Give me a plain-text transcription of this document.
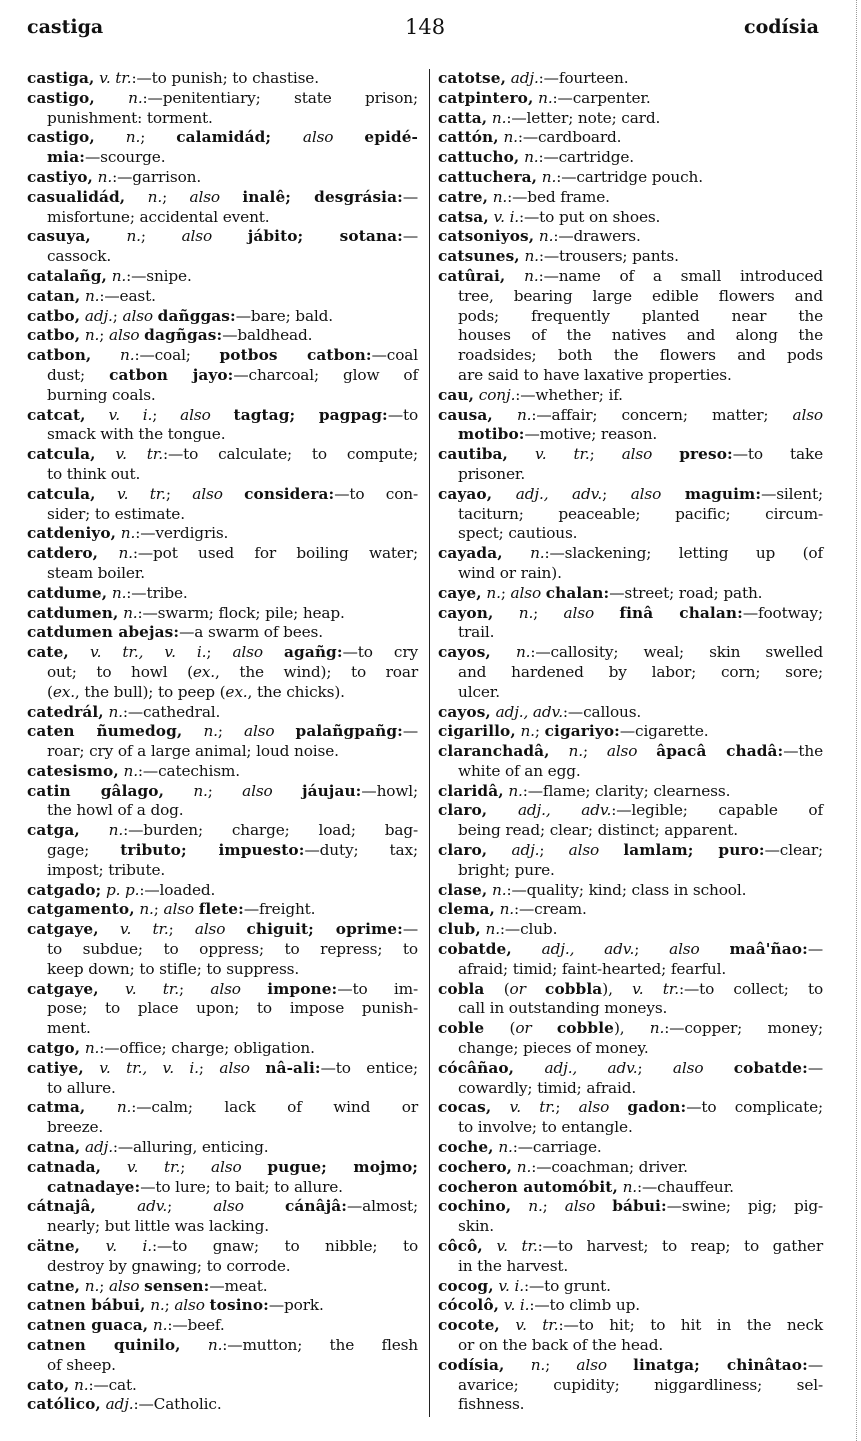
castiga	148	codísia
castiga, v. tr.:—to punish; to chastise.
castigo, n.:—penitentiary; state prison;
punishment: torment.
castigo, n.; calamidád; also epidé-
mia:—scourge.
castiyo, n.:—garrison.
casualidád, n.; also inalê; desgrásia:—
misfortune; accidental event.
casuya, n.; also jábito; sotana:—
cassock.
catalañg, n.:—snipe.
catan, n.:—east.
catbo, adj.; also dañggas:—bare; bald.
catbo, n.; also dagñgas:—baldhead.
catbon, n.:—coal; potbos catbon:—coal
dust; catbon jayo:—charcoal; glow of
burning coals.
catcat, v. i.; also tagtag; pagpag:—to
smack with the tongue.
catcula, v. tr.:—to calculate; to compute;
to think out.
catcula, v. tr.; also considera:—to con-
sider; to estimate.
catdeniyo, n.:—verdigris.
catdero, n.:—pot used for boiling water;
steam boiler.
catdume, n.:—tribe.
catdumen, n.:—swarm; flock; pile; heap.
catdumen abejas:—a swarm of bees.
cate, v. tr., v. i.; also agañg:—to cry
out; to howl (ex., the wind); to roar
(ex., the bull); to peep (ex., the chicks).
catedrál, n.:—cathedral.
caten ñumedog, n.; also palañgpañg:—
roar; cry of a large animal; loud noise.
catesismo, n.:—catechism.
catin gâlago, n.; also jáujau:—howl;
the howl of a dog.
catga, n.:—burden; charge; load; bag-
gage; tributo; impuesto:—duty; tax;
impost; tribute.
catgado; p. p.:—loaded.
catgamento, n.; also flete:—freight.
catgaye, v. tr.; also chiguit; oprime:—
to subdue; to oppress; to repress; to
keep down; to stifle; to suppress.
catgaye, v. tr.; also impone:—to im-
pose; to place upon; to impose punish-
ment.
catgo, n.:—office; charge; obligation.
catiye, v. tr., v. i.; also nâ-ali:—to entice;
to allure.
catma, n.:—calm; lack of wind or
breeze.
catna, adj.:—alluring, enticing.
catnada, v. tr.; also pugue; mojmo;
catnadaye:—to lure; to bait; to allure.
cátnajâ,	adv.; also cánâjâ:—almost;
nearly; but little was lacking.
cätne, v. i.:—to gnaw; to nibble; to
destroy by gnawing; to corrode.
catne, n.; also sensen:—meat.
catnen bábui, n.; also tosino:—pork.
catnen guaca, n.:—beef.
catnen quinilo, n.:—mutton; the flesh
of sheep.
cato, n.:—cat.
católico, adj.:—Catholic.
catotse, adj.:—fourteen.
catpintero, n.:—carpenter.
catta, n.:—letter; note; card.
cattón, n.:—cardboard.
cattucho, n.:—cartridge.
cattuchera, n.:—cartridge pouch.
catre, n.:—bed frame.
catsa, v. i.:—to put on shoes.
catsoniyos, n.:—drawers.
catsunes, n.:—trousers; pants.
catûrai, n.:—name of a small introduced
tree, bearing large edible flowers and
pods; frequently planted near the
houses of the natives and along the
roadsides; both the flowers and pods
are said to have laxative properties.
cau, conj.:—whether; if.
causa, n.:—affair; concern; matter; also
motibo:—motive; reason.
cautiba, v. tr.; also preso:—to take
prisoner.
cayao, adj., adv.; also maguim:—silent;
taciturn; peaceable; pacific; circum-
spect; cautious.
cayada, n.:—slackening; letting up (of
wind or rain).
caye, n.; also chalan:—street; road; path.
cayon, n.; also finâ chalan:—footway;
trail.
cayos, n.:—callosity; weal; skin swelled
and hardened by labor; corn; sore;
ulcer.
cayos, adj., adv.:—callous.
cigarillo, n.; cigariyo:—cigarette.
claranchadâ, n.; also âpacâ chadâ:—the
white of an egg.
claridâ, n.:—flame; clarity; clearness.
claro, adj., adv.:—legible; capable of
being read; clear; distinct; apparent.
claro, adj.; also lamlam; puro:—clear;
bright; pure.
clase, n.:—quality; kind; class in school.
clema, n.:—cream.
club, n.:—club.
cobatde, adj., adv.; also maâ'ñao:—
afraid; timid; faint-hearted; fearful.
cobla (or cobbla), v. tr.:—to collect; to
call in outstanding moneys.
coble (or cobble), n.:—copper; money;
change; pieces of money.
cócâñao, adj., adv.; also cobatde:—
cowardly; timid; afraid.
cocas, v. tr.; also gadon:—to complicate;
to involve; to entangle.
coche, n.:—carriage.
cochero, n.:—coachman; driver.
cocheron automóbit, n.:—chauffeur.
cochino, n.; also bábui:—swine; pig; pig-
skin.
côcô, v. tr.:—to harvest; to reap; to gather
in the harvest.
cocog, v. i.:—to grunt.
cócolô, v. i.:—to climb up.
cocote, v. tr.:—to hit; to hit in the neck
or on the back of the head.
codísia, n.; also linatga; chinâtao:—
avarice; cupidity; niggardliness; sel-
fishness.
